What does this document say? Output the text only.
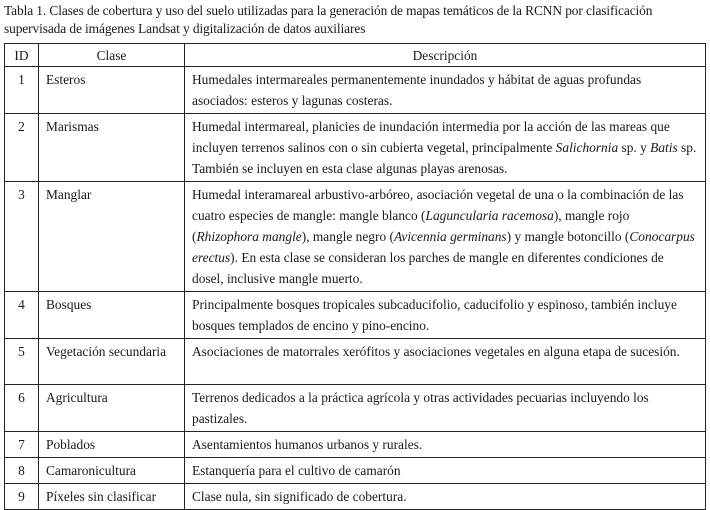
Tabla 1. Clases de cobertura y uso del suelo utilizadas para la generación de mapas temáticos de la RCNN por clasificación supervisada de imágenes Landsat y digitalización de datos auxiliares
ID	Clase	Descripción
1	Esteros	Humedales intermareales permanentemente inundados y hábitat de aguas profundas asociados: esteros y lagunas costeras.
2	Marismas	Humedal intermareal, planicies de inundación intermedia por la acción de las mareas que incluyen terrenos salinos con o sin cubierta vegetal, principalmente Salichornia sp. y Batis sp. También se incluyen en esta clase algunas playas arenosas.
3	Manglar	Humedal interamareal arbustivo-arbóreo, asociación vegetal de una o la combinación de las cuatro especies de mangle: mangle blanco (Laguncularia racemosa), mangle rojo (Rhizophora mangle), mangle negro (Avicennia germinans) y mangle botoncillo (Conocarpus erectus). En esta clase se consideran los parches de mangle en diferentes condiciones de dosel, inclusive mangle muerto.
4	Bosques	Principalmente bosques tropicales subcaducifolio, caducifolio y espinoso, también incluye bosques templados de encino y pino-encino.
5	Vegetación secundaria	Asociaciones de matorrales xerófitos y asociaciones vegetales en alguna etapa de sucesión.
6	Agricultura	Terrenos dedicados a la práctica agrícola y otras actividades pecuarias incluyendo los pastizales.
7	Poblados	Asentamientos humanos urbanos y rurales.
8	Camaronicultura	Estanquería para el cultivo de camarón
9	Píxeles sin clasificar	Clase nula, sin significado de cobertura.
